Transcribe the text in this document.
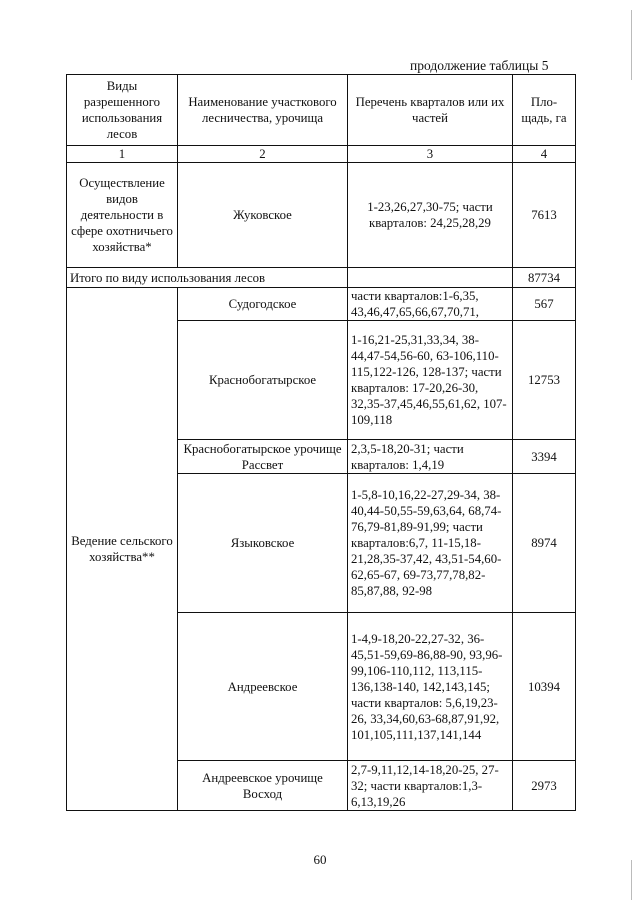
продолжение таблицы 5
Виды разрешенного использования лесов	Наименование участкового лесничества, урочища	Перечень кварталов или их частей	Пло-щадь, га
1	2	3	4
Осуществление видов деятельности в сфере охотничьего хозяйства*	Жуковское	1-23,26,27,30-75; части кварталов: 24,25,28,29	7613
Итого по виду использования лесов			87734
Ведение сельского хозяйства**	Судогодское	части кварталов:1-6,35, 43,46,47,65,66,67,70,71,	567
	Краснобогатырское	1-16,21-25,31,33,34, 38-44,47-54,56-60, 63-106,110-115,122-126, 128-137; части кварталов: 17-20,26-30, 32,35-37,45,46,55,61,62, 107-109,118	12753
	Краснобогатырское урочище Рассвет	2,3,5-18,20-31; части кварталов: 1,4,19	3394
	Языковское	1-5,8-10,16,22-27,29-34, 38-40,44-50,55-59,63,64, 68,74-76,79-81,89-91,99; части кварталов:6,7, 11-15,18-21,28,35-37,42, 43,51-54,60-62,65-67, 69-73,77,78,82-85,87,88, 92-98	8974
	Андреевское	1-4,9-18,20-22,27-32, 36-45,51-59,69-86,88-90, 93,96-99,106-110,112, 113,115-136,138-140, 142,143,145; части кварталов: 5,6,19,23-26, 33,34,60,63-68,87,91,92, 101,105,111,137,141,144	10394
	Андреевское урочище Восход	2,7-9,11,12,14-18,20-25, 27-32; части кварталов:1,3-6,13,19,26	2973
60
